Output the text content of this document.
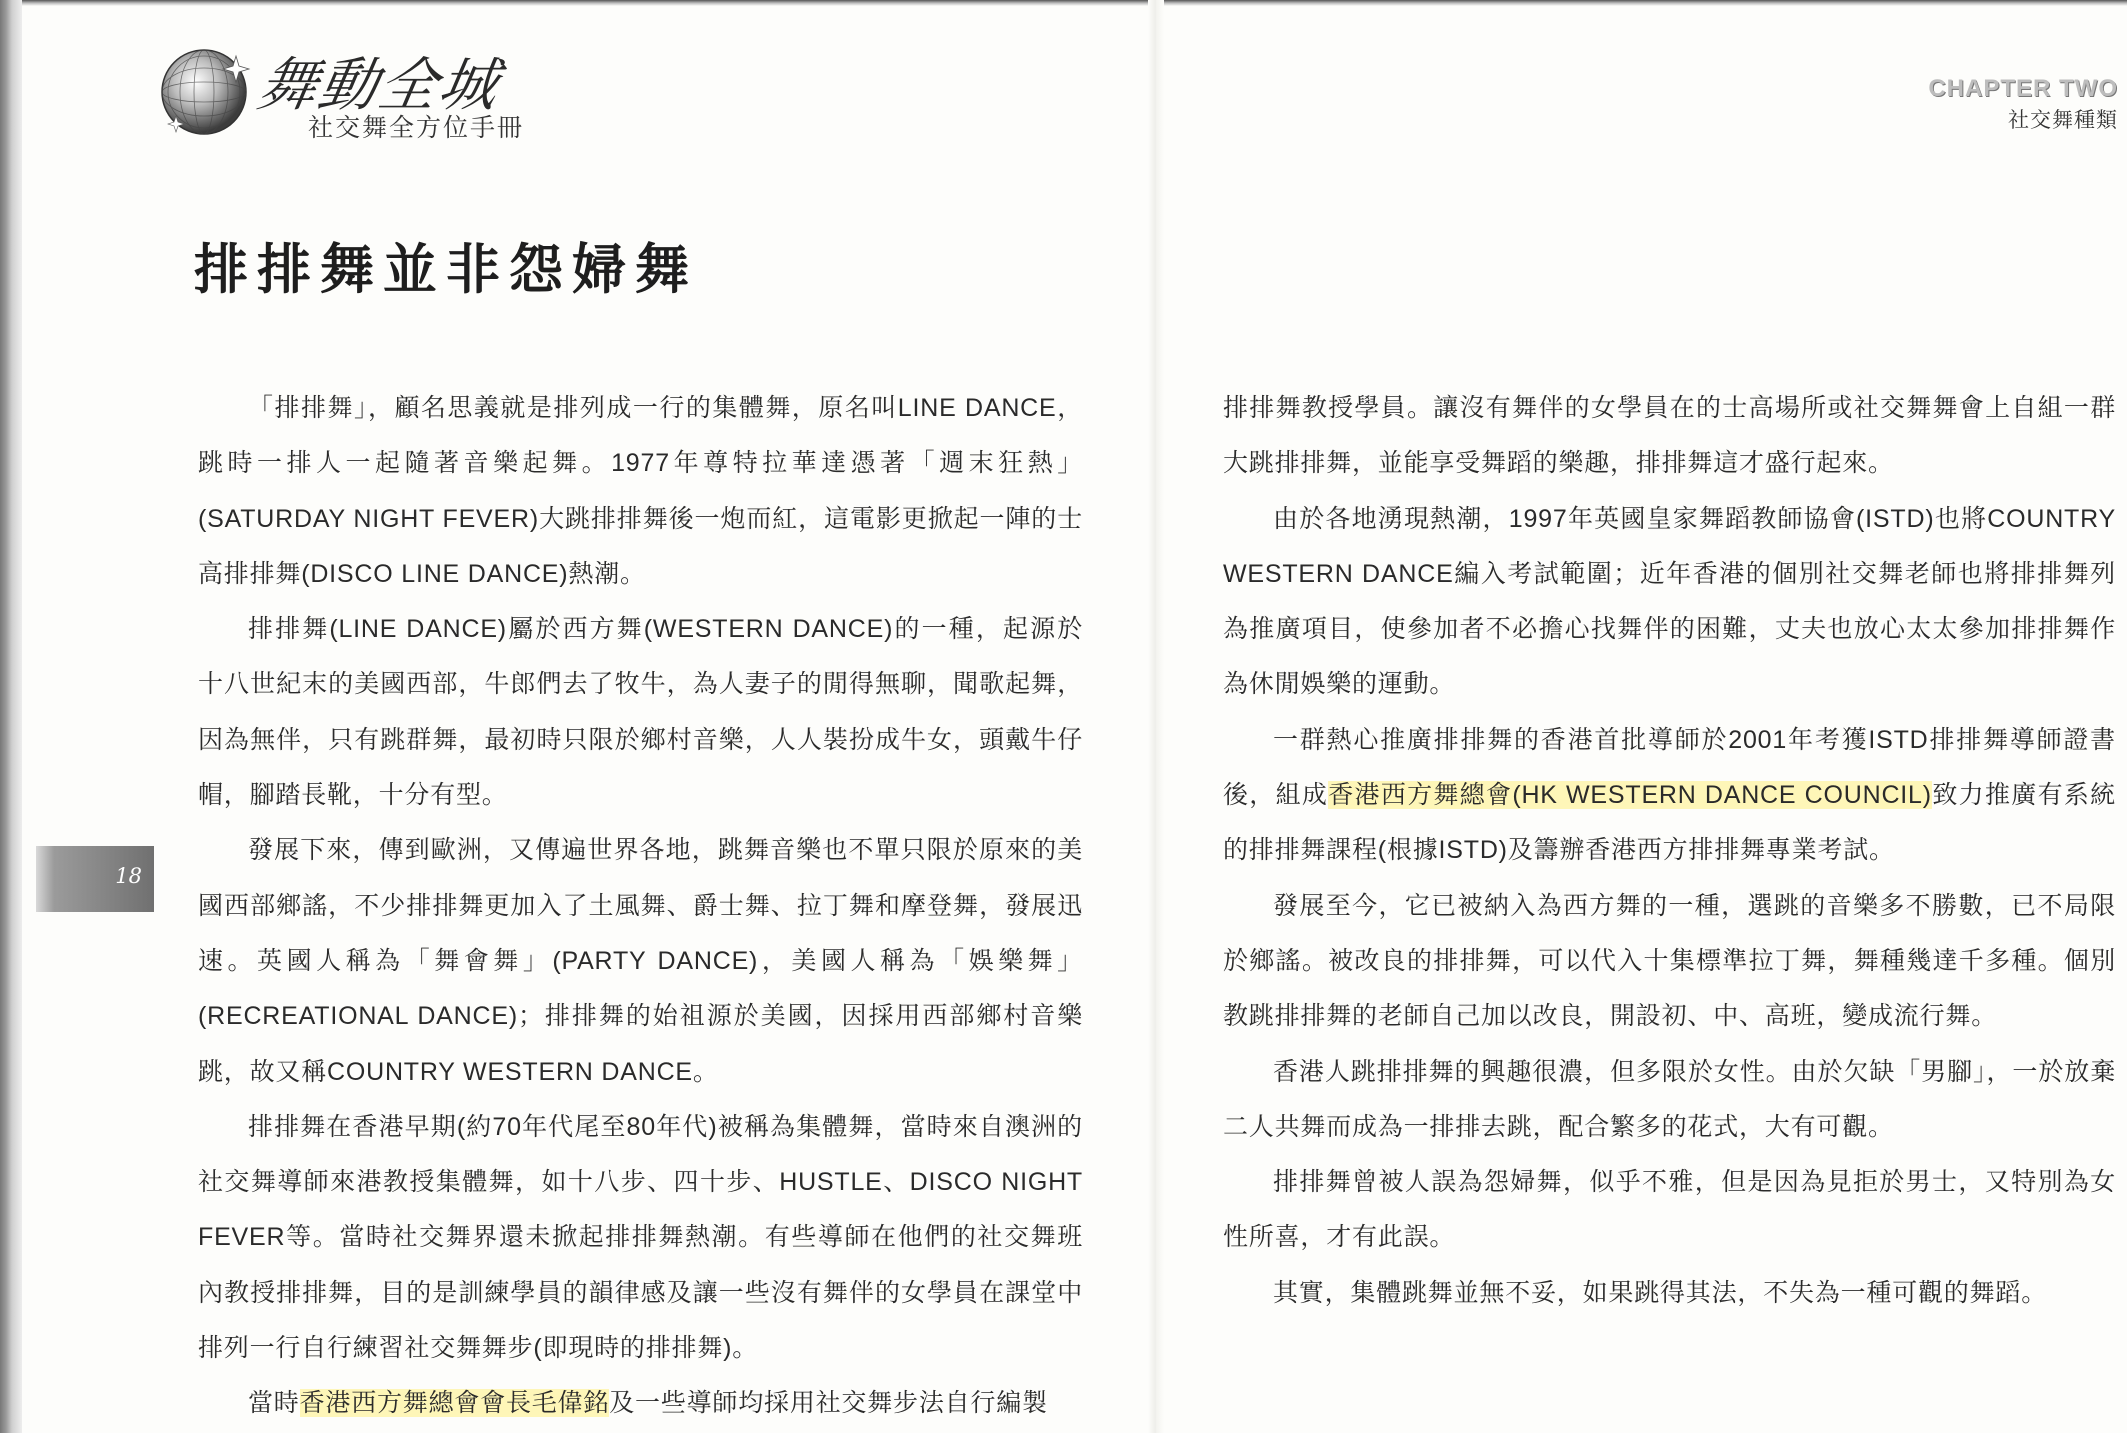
舞動全城
社交舞全方位手冊
CHAPTER TWO
社交舞種類
排排舞並非怨婦舞
18

「排排舞」，顧名思義就是排列成一行的集體舞，原名叫LINE DANCE，跳時一排人一起隨著音樂起舞。1977年尊特拉華達憑著「週末狂熱」(SATURDAY NIGHT FEVER)大跳排排舞後一炮而紅，這電影更掀起一陣的士高排排舞(DISCO LINE DANCE)熱潮。

排排舞(LINE DANCE)屬於西方舞(WESTERN DANCE)的一種，起源於十八世紀末的美國西部，牛郎們去了牧牛，為人妻子的閒得無聊，聞歌起舞，因為無伴，只有跳群舞，最初時只限於鄉村音樂，人人裝扮成牛女，頭戴牛仔帽，腳踏長靴，十分有型。

發展下來，傳到歐洲，又傳遍世界各地，跳舞音樂也不單只限於原來的美國西部鄉謠，不少排排舞更加入了土風舞、爵士舞、拉丁舞和摩登舞，發展迅速。英國人稱為「舞會舞」(PARTY DANCE)，美國人稱為「娛樂舞」(RECREATIONAL DANCE)；排排舞的始祖源於美國，因採用西部鄉村音樂跳，故又稱COUNTRY WESTERN DANCE。

排排舞在香港早期(約70年代尾至80年代)被稱為集體舞，當時來自澳洲的社交舞導師來港教授集體舞，如十八步、四十步、HUSTLE、DISCO NIGHT FEVER等。當時社交舞界還未掀起排排舞熱潮。有些導師在他們的社交舞班內教授排排舞，目的是訓練學員的韻律感及讓一些沒有舞伴的女學員在課堂中排列一行自行練習社交舞舞步(即現時的排排舞)。

當時香港西方舞總會會長毛偉銘及一些導師均採用社交舞步法自行編製

排排舞教授學員。讓沒有舞伴的女學員在的士高場所或社交舞舞會上自組一群大跳排排舞，並能享受舞蹈的樂趣，排排舞這才盛行起來。

由於各地湧現熱潮，1997年英國皇家舞蹈教師協會(ISTD)也將COUNTRY WESTERN DANCE編入考試範圍；近年香港的個別社交舞老師也將排排舞列為推廣項目，使參加者不必擔心找舞伴的困難，丈夫也放心太太參加排排舞作為休閒娛樂的運動。

一群熱心推廣排排舞的香港首批導師於2001年考獲ISTD排排舞導師證書後，組成香港西方舞總會(HK WESTERN DANCE COUNCIL)致力推廣有系統的排排舞課程(根據ISTD)及籌辦香港西方排排舞專業考試。

發展至今，它已被納入為西方舞的一種，選跳的音樂多不勝數，已不局限於鄉謠。被改良的排排舞，可以代入十集標準拉丁舞，舞種幾達千多種。個別教跳排排舞的老師自己加以改良，開設初、中、高班，變成流行舞。

香港人跳排排舞的興趣很濃，但多限於女性。由於欠缺「男腳」，一於放棄二人共舞而成為一排排去跳，配合繁多的花式，大有可觀。

排排舞曾被人誤為怨婦舞，似乎不雅，但是因為見拒於男士，又特別為女性所喜，才有此誤。

其實，集體跳舞並無不妥，如果跳得其法，不失為一種可觀的舞蹈。
